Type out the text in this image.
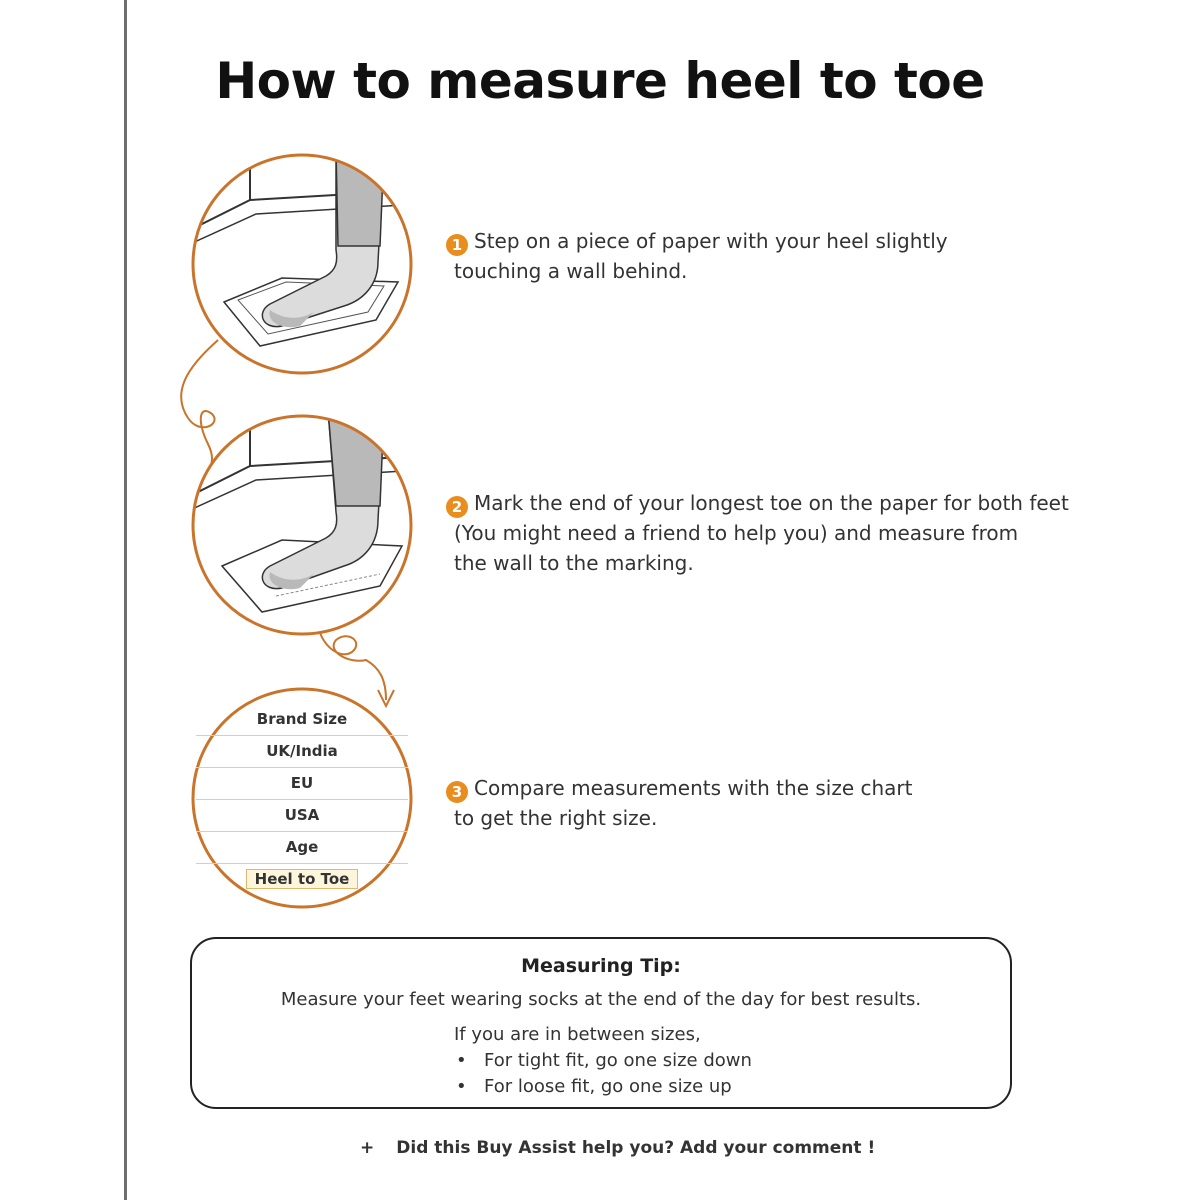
How to measure heel to toe
Brand Size
UK/India
EU
USA
Age
Heel to Toe
1 Step on a piece of paper with your heel slightly
touching a wall behind.
2 Mark the end of your longest toe on the paper for both feet
(You might need a friend to help you) and measure from
the wall to the marking.
3 Compare measurements with the size chart
to get the right size.
Measuring Tip:
Measure your feet wearing socks at the end of the day for best results.
If you are in between sizes,
• For tight fit, go one size down
• For loose fit, go one size up
+ Did this Buy Assist help you? Add your comment !
